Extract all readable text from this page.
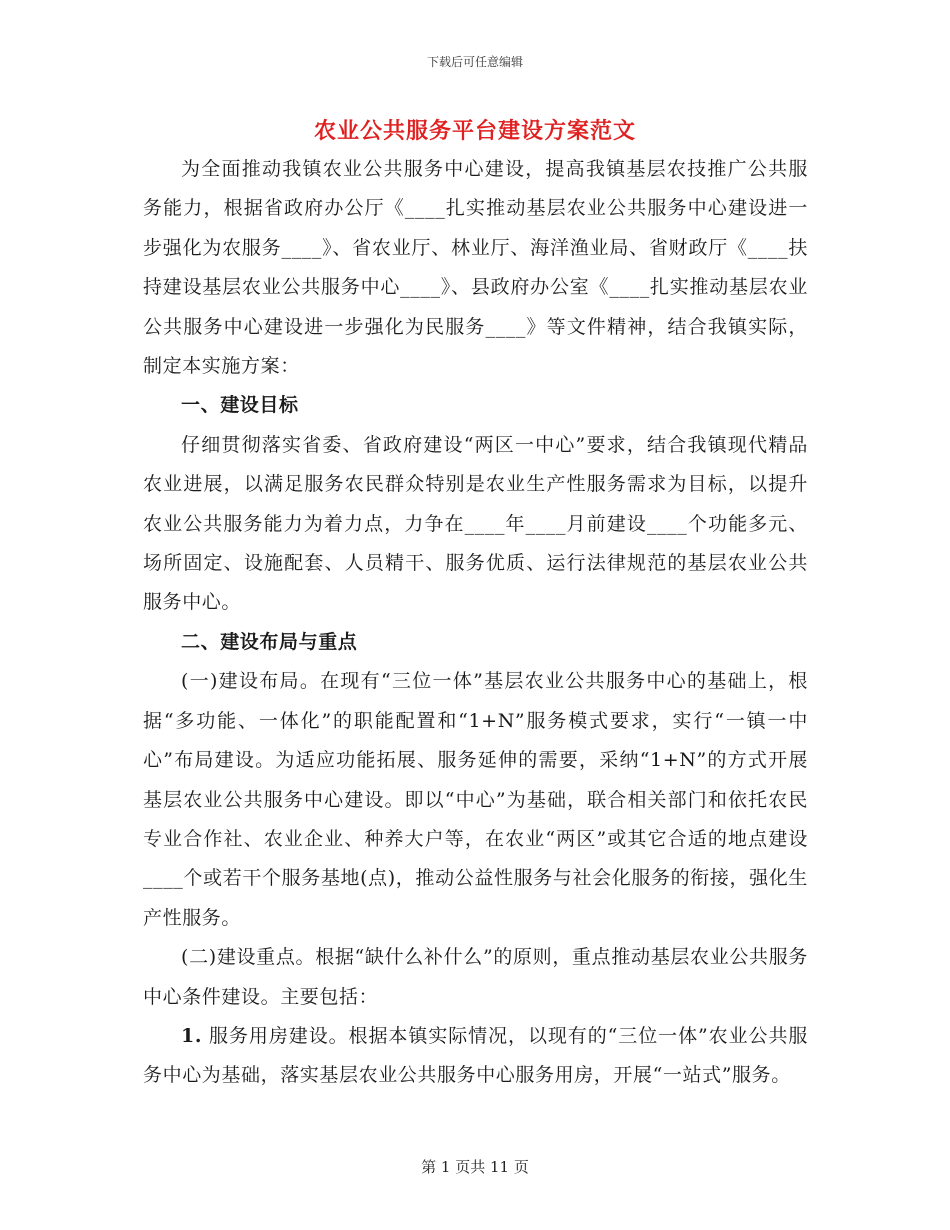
下载后可任意编辑
农业公共服务平台建设方案范文

为全面推动我镇农业公共服务中心建设，提高我镇基层农技推广公共服务能力，根据省政府办公厅《____扎实推动基层农业公共服务中心建设进一步强化为农服务____》、省农业厅、林业厅、海洋渔业局、省财政厅《____扶持建设基层农业公共服务中心____》、县政府办公室《____扎实推动基层农业公共服务中心建设进一步强化为民服务____》等文件精神，结合我镇实际，制定本实施方案：

一、建设目标

仔细贯彻落实省委、省政府建设“两区一中心”要求，结合我镇现代精品农业进展，以满足服务农民群众特别是农业生产性服务需求为目标，以提升农业公共服务能力为着力点，力争在____年____月前建设____个功能多元、场所固定、设施配套、人员精干、服务优质、运行法律规范的基层农业公共服务中心。

二、建设布局与重点

(一)建设布局。在现有“三位一体”基层农业公共服务中心的基础上，根据“多功能、一体化”的职能配置和“1+N”服务模式要求，实行“一镇一中心”布局建设。为适应功能拓展、服务延伸的需要，采纳“1+N”的方式开展基层农业公共服务中心建设。即以“中心”为基础，联合相关部门和依托农民专业合作社、农业企业、种养大户等，在农业“两区”或其它合适的地点建设____个或若干个服务基地(点)，推动公益性服务与社会化服务的衔接，强化生产性服务。

(二)建设重点。根据“缺什么补什么”的原则，重点推动基层农业公共服务中心条件建设。主要包括：

1. 服务用房建设。根据本镇实际情况，以现有的“三位一体”农业公共服务中心为基础，落实基层农业公共服务中心服务用房，开展“一站式”服务。

第 1 页共 11 页
